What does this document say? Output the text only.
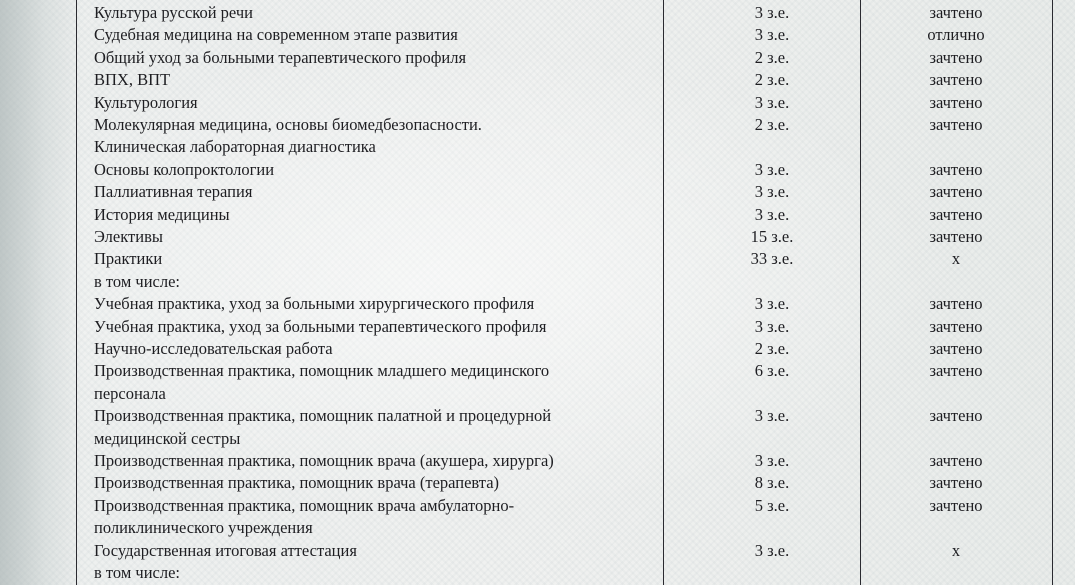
Культура русской речи	3 з.е.	зачтено
Судебная медицина на современном этапе развития	3 з.е.	отлично
Общий уход за больными терапевтического профиля	2 з.е.	зачтено
ВПХ, ВПТ	2 з.е.	зачтено
Культурология	3 з.е.	зачтено
Молекулярная медицина, основы биомедбезопасности.	2 з.е.	зачтено
Клиническая лабораторная диагностика
Основы колопроктологии	3 з.е.	зачтено
Паллиативная терапия	3 з.е.	зачтено
История медицины	3 з.е.	зачтено
Элективы	15 з.е.	зачтено
Практики	33 з.е.	х
в том числе:
Учебная практика, уход за больными хирургического профиля	3 з.е.	зачтено
Учебная практика, уход за больными терапевтического профиля	3 з.е.	зачтено
Научно-исследовательская работа	2 з.е.	зачтено
Производственная практика, помощник младшего медицинского	6 з.е.	зачтено
персонала
Производственная практика, помощник палатной и процедурной	3 з.е.	зачтено
медицинской сестры
Производственная практика, помощник врача (акушера, хирурга)	3 з.е.	зачтено
Производственная практика, помощник врача (терапевта)	8 з.е.	зачтено
Производственная практика, помощник врача амбулаторно-	5 з.е.	зачтено
поликлинического учреждения
Государственная итоговая аттестация	3 з.е.	х
в том числе:
